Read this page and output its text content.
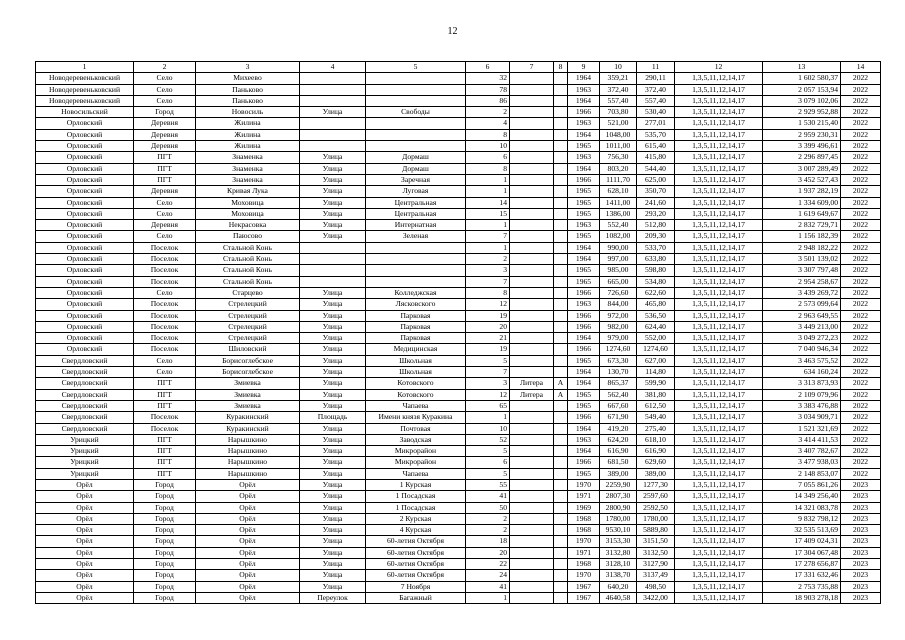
12
1	2	3	4	5	6	7	8	9	10	11	12	13	14
Новодеревеньковский	Село	Михеево			32			1964	359,21	290,11	1,3,5,11,12,14,17	1 602 580,37	2022
Новодеревеньковский	Село	Паньково			78			1963	372,40	372,40	1,3,5,11,12,14,17	2 057 153,94	2022
Новодеревеньковский	Село	Паньково			86			1964	557,40	557,40	1,3,5,11,12,14,17	3 079 102,06	2022
Новосильский	Город	Новосиль	Улица	Свободы	2			1966	703,80	530,40	1,3,5,11,12,14,17	2 929 952,88	2022
Орловский	Деревня	Жилина			4			1963	521,00	277,01	1,3,5,11,12,14,17	1 530 215,40	2022
Орловский	Деревня	Жилина			8			1964	1048,00	535,70	1,3,5,11,12,14,17	2 959 230,31	2022
Орловский	Деревня	Жилина			10			1965	1011,00	615,40	1,3,5,11,12,14,17	3 399 496,61	2022
Орловский	ПГТ	Знаменка	Улица	Дормаш	6			1963	756,30	415,80	1,3,5,11,12,14,17	2 296 897,45	2022
Орловский	ПГТ	Знаменка	Улица	Дормаш	8			1964	803,20	544,40	1,3,5,11,12,14,17	3 007 289,49	2022
Орловский	ПГТ	Знаменка	Улица	Заречная	1			1966	1111,70	625,00	1,3,5,11,12,14,17	3 452 527,43	2022
Орловский	Деревня	Кривая Лука	Улица	Луговая	1			1965	628,10	350,70	1,3,5,11,12,14,17	1 937 282,19	2022
Орловский	Село	Моховица	Улица	Центральная	14			1965	1411,00	241,60	1,3,5,11,12,14,17	1 334 609,00	2022
Орловский	Село	Моховица	Улица	Центральная	15			1965	1386,00	293,20	1,3,5,11,12,14,17	1 619 649,67	2022
Орловский	Деревня	Некрасовка	Улица	Интернатная	1			1963	552,40	512,80	1,3,5,11,12,14,17	2 832 729,71	2022
Орловский	Село	Паюсово	Улица	Зеленая	7			1965	1082,00	209,30	1,3,5,11,12,14,17	1 156 182,39	2022
Орловский	Поселок	Стальной Конь			1			1964	990,00	533,70	1,3,5,11,12,14,17	2 948 182,22	2022
Орловский	Поселок	Стальной Конь			2			1964	997,00	633,80	1,3,5,11,12,14,17	3 501 139,02	2022
Орловский	Поселок	Стальной Конь			3			1965	985,00	598,80	1,3,5,11,12,14,17	3 307 797,48	2022
Орловский	Поселок	Стальной Конь			7			1965	665,00	534,80	1,3,5,11,12,14,17	2 954 258,67	2022
Орловский	Село	Старцево	Улица	Колледжская	8			1966	726,60	622,60	1,3,5,11,12,14,17	3 439 269,72	2022
Орловский	Поселок	Стрелецкий	Улица	Лясковского	12			1963	844,00	465,80	1,3,5,11,12,14,17	2 573 099,64	2022
Орловский	Поселок	Стрелецкий	Улица	Парковая	19			1966	972,00	536,50	1,3,5,11,12,14,17	2 963 649,55	2022
Орловский	Поселок	Стрелецкий	Улица	Парковая	20			1966	982,00	624,40	1,3,5,11,12,14,17	3 449 213,00	2022
Орловский	Поселок	Стрелецкий	Улица	Парковая	21			1964	979,00	552,00	1,3,5,11,12,14,17	3 049 272,23	2022
Орловский	Поселок	Шиловский	Улица	Медицинская	19			1966	1274,60	1274,60	1,3,5,11,12,14,17	7 040 946,34	2022
Свердловский	Село	Борисоглебское	Улица	Школьная	5			1965	673,30	627,00	1,3,5,11,12,14,17	3 463 575,52	2022
Свердловский	Село	Борисоглебское	Улица	Школьная	7			1964	130,70	114,80	1,3,5,11,12,14,17	634 160,24	2022
Свердловский	ПГТ	Змиевка	Улица	Котовского	3	Литера	А	1964	865,37	599,90	1,3,5,11,12,14,17	3 313 873,93	2022
Свердловский	ПГТ	Змиевка	Улица	Котовского	12	Литера	А	1965	562,40	381,80	1,3,5,11,12,14,17	2 109 079,96	2022
Свердловский	ПГТ	Змиевка	Улица	Чапаева	65			1965	667,60	612,50	1,3,5,11,12,14,17	3 383 476,88	2022
Свердловский	Поселок	Куракинский	Площадь	Имени князя Куракина	1			1966	671,90	549,40	1,3,5,11,12,14,17	3 034 909,71	2022
Свердловский	Поселок	Куракинский	Улица	Почтовая	10			1964	419,20	275,40	1,3,5,11,12,14,17	1 521 321,69	2022
Урицкий	ПГТ	Нарышкино	Улица	Заводская	52			1963	624,20	618,10	1,3,5,11,12,14,17	3 414 411,53	2022
Урицкий	ПГТ	Нарышкино	Улица	Микрорайон	5			1964	616,90	616,90	1,3,5,11,12,14,17	3 407 782,67	2022
Урицкий	ПГТ	Нарышкино	Улица	Микрорайон	6			1966	681,50	629,60	1,3,5,11,12,14,17	3 477 938,03	2022
Урицкий	ПГТ	Нарышкино	Улица	Чапаева	5			1965	389,00	389,00	1,3,5,11,12,14,17	2 148 853,07	2022
Орёл	Город	Орёл	Улица	1 Курская	55			1970	2259,90	1277,30	1,3,5,11,12,14,17	7 055 861,26	2023
Орёл	Город	Орёл	Улица	1 Посадская	41			1971	2807,30	2597,60	1,3,5,11,12,14,17	14 349 256,40	2023
Орёл	Город	Орёл	Улица	1 Посадская	50			1969	2800,90	2592,50	1,3,5,11,12,14,17	14 321 083,78	2023
Орёл	Город	Орёл	Улица	2 Курская	2			1968	1780,00	1780,00	1,3,5,11,12,14,17	9 832 798,12	2023
Орёл	Город	Орёл	Улица	4 Курская	2			1968	9530,10	5889,80	1,3,5,11,12,14,17	32 535 513,69	2023
Орёл	Город	Орёл	Улица	60-летия Октября	18			1970	3153,30	3151,50	1,3,5,11,12,14,17	17 409 024,31	2023
Орёл	Город	Орёл	Улица	60-летия Октября	20			1971	3132,80	3132,50	1,3,5,11,12,14,17	17 304 067,48	2023
Орёл	Город	Орёл	Улица	60-летия Октября	22			1968	3128,10	3127,90	1,3,5,11,12,14,17	17 278 656,87	2023
Орёл	Город	Орёл	Улица	60-летия Октября	24			1970	3138,70	3137,49	1,3,5,11,12,14,17	17 331 632,46	2023
Орёл	Город	Орёл	Улица	7 Ноября	41			1967	640,20	498,50	1,3,5,11,12,14,17	2 753 735,88	2023
Орёл	Город	Орёл	Переулок	Багажный	1			1967	4640,58	3422,00	1,3,5,11,12,14,17	18 903 278,18	2023
